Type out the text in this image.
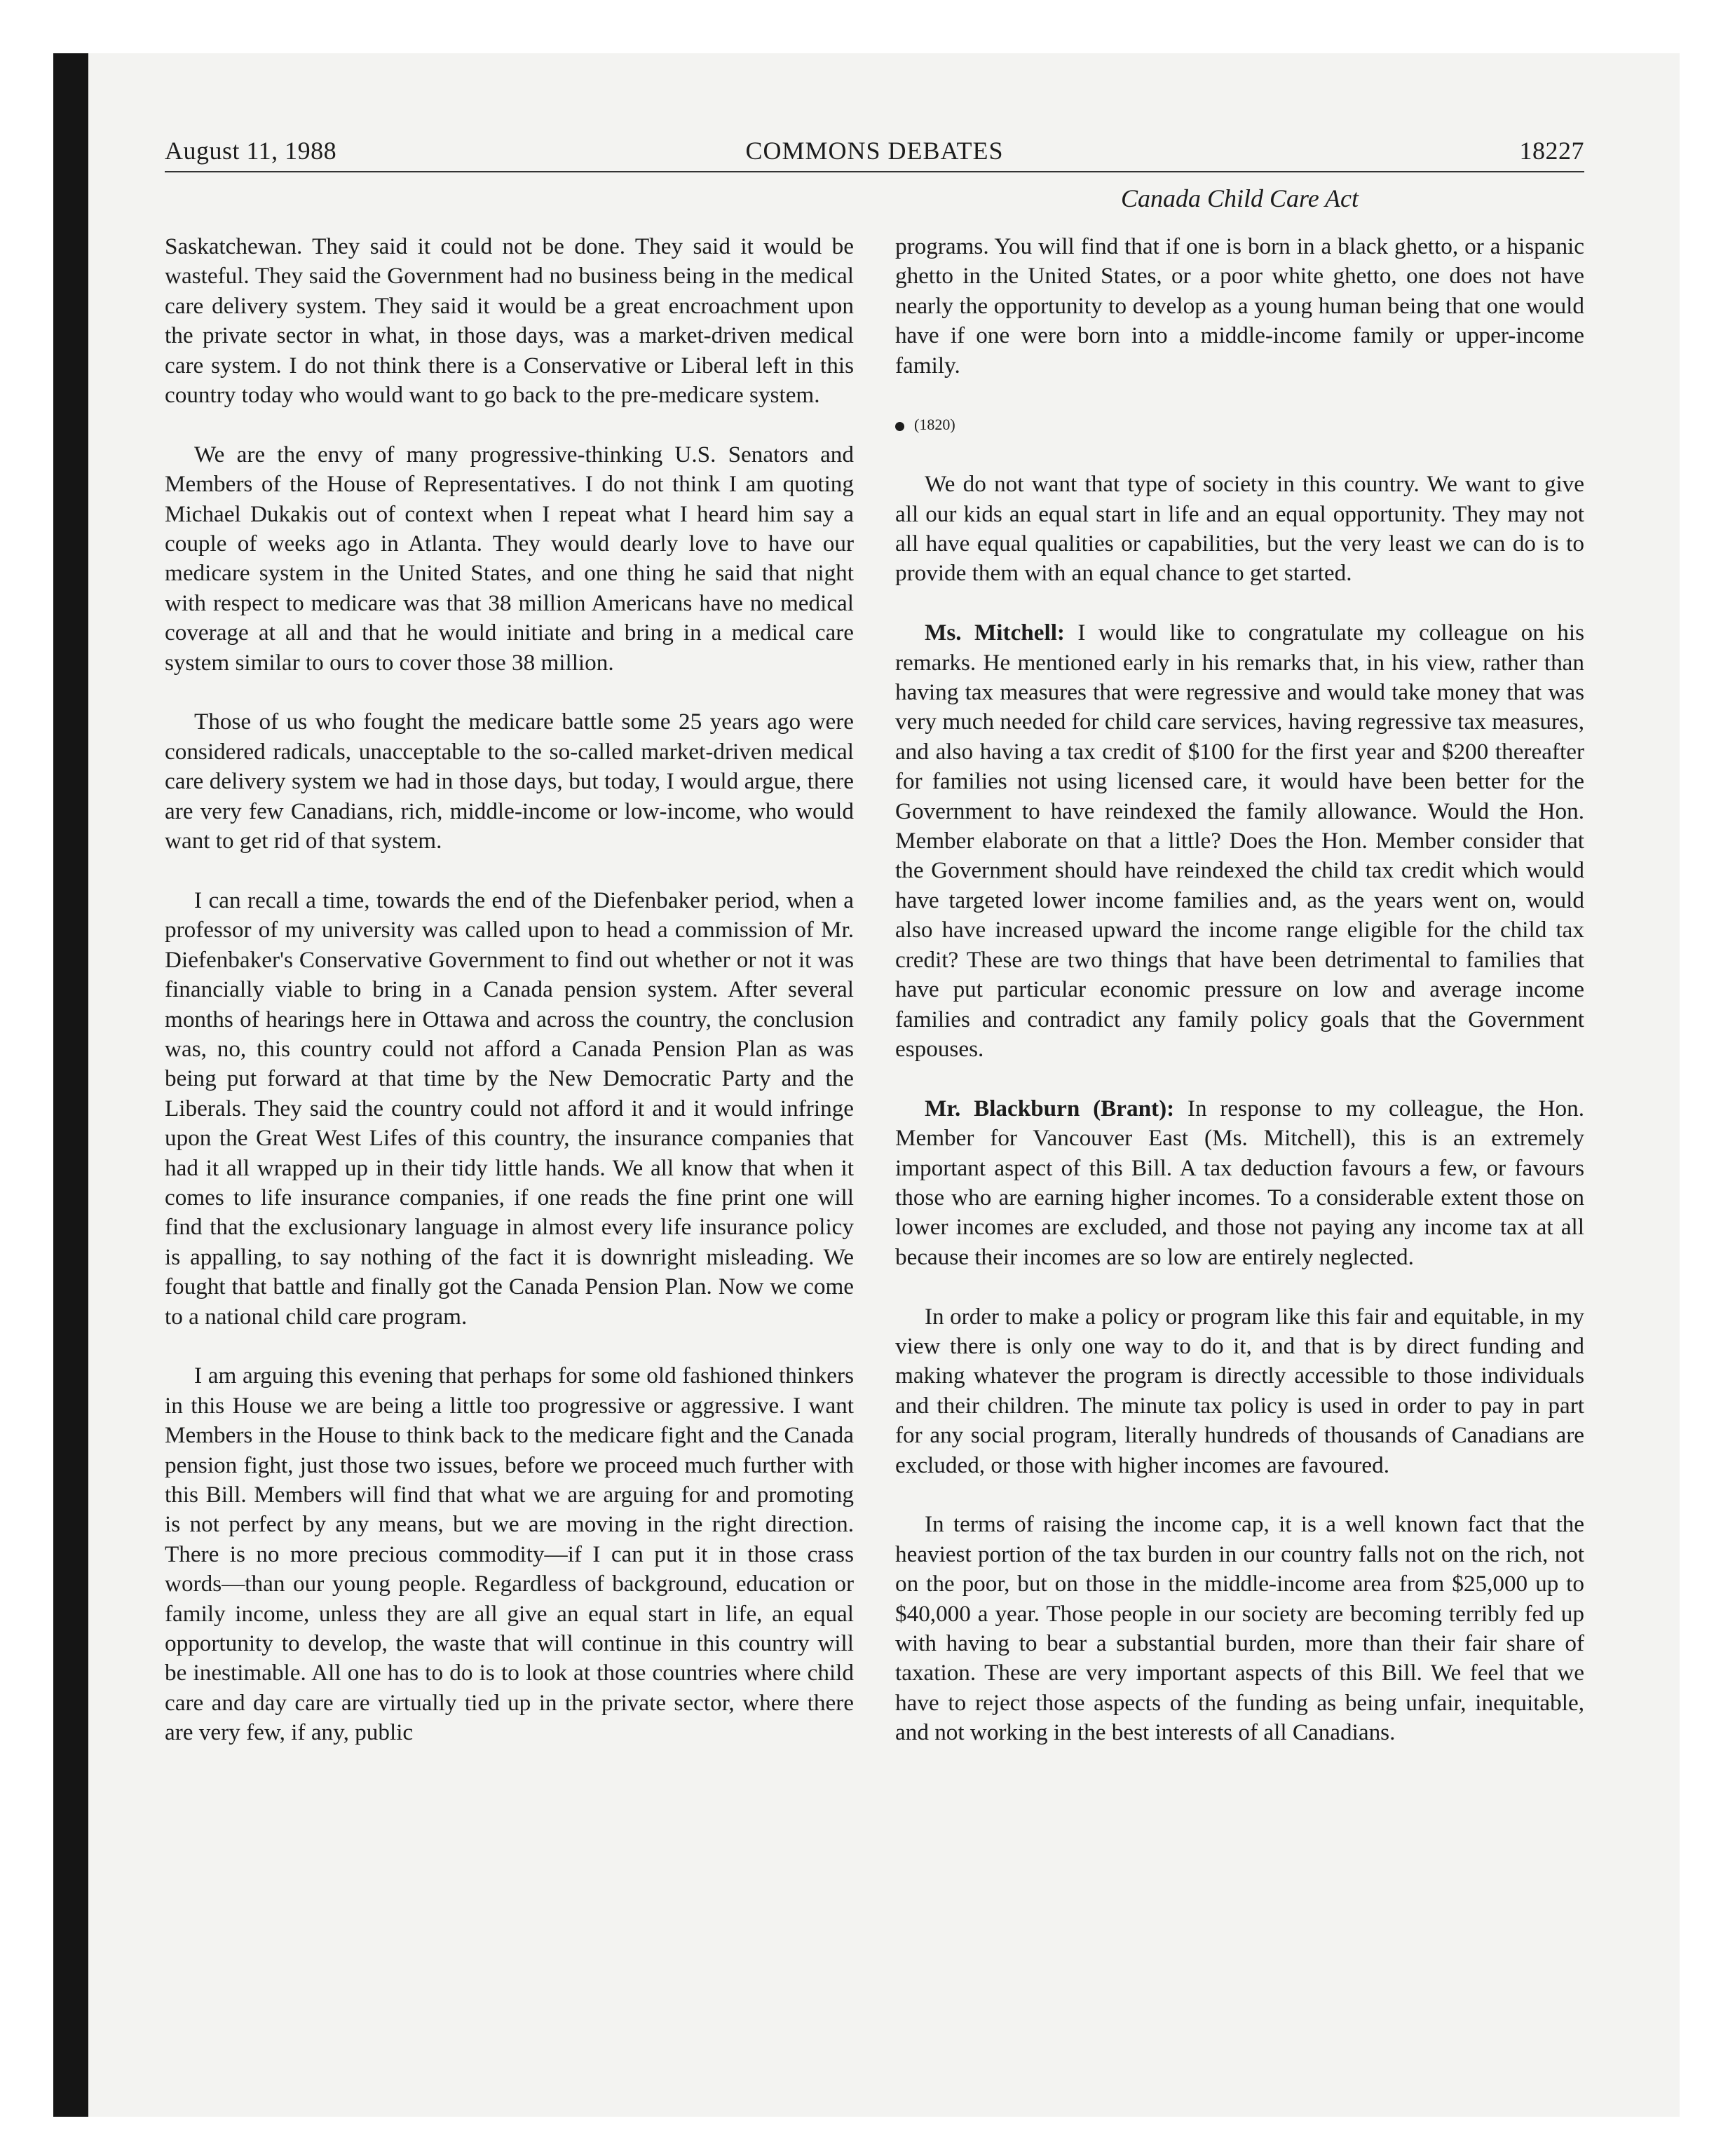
August 11, 1988	COMMONS DEBATES	18227
Canada Child Care Act

Saskatchewan. They said it could not be done. They said it would be wasteful. They said the Government had no business being in the medical care delivery system. They said it would be a great encroachment upon the private sector in what, in those days, was a market-driven medical care system. I do not think there is a Conservative or Liberal left in this country today who would want to go back to the pre-medicare system.

We are the envy of many progressive-thinking U.S. Senators and Members of the House of Representatives. I do not think I am quoting Michael Dukakis out of context when I repeat what I heard him say a couple of weeks ago in Atlanta. They would dearly love to have our medicare system in the United States, and one thing he said that night with respect to medicare was that 38 million Americans have no medical coverage at all and that he would initiate and bring in a medical care system similar to ours to cover those 38 million.

Those of us who fought the medicare battle some 25 years ago were considered radicals, unacceptable to the so-called market-driven medical care delivery system we had in those days, but today, I would argue, there are very few Canadians, rich, middle-income or low-income, who would want to get rid of that system.

I can recall a time, towards the end of the Diefenbaker period, when a professor of my university was called upon to head a commission of Mr. Diefenbaker's Conservative Government to find out whether or not it was financially viable to bring in a Canada pension system. After several months of hearings here in Ottawa and across the country, the conclusion was, no, this country could not afford a Canada Pension Plan as was being put forward at that time by the New Democratic Party and the Liberals. They said the country could not afford it and it would infringe upon the Great West Lifes of this country, the insurance companies that had it all wrapped up in their tidy little hands. We all know that when it comes to life insurance companies, if one reads the fine print one will find that the exclusionary language in almost every life insurance policy is appalling, to say nothing of the fact it is downright misleading. We fought that battle and finally got the Canada Pension Plan. Now we come to a national child care program.

I am arguing this evening that perhaps for some old fashioned thinkers in this House we are being a little too progressive or aggressive. I want Members in the House to think back to the medicare fight and the Canada pension fight, just those two issues, before we proceed much further with this Bill. Members will find that what we are arguing for and promoting is not perfect by any means, but we are moving in the right direction. There is no more precious commodity—if I can put it in those crass words—than our young people. Regardless of background, education or family income, unless they are all give an equal start in life, an equal opportunity to develop, the waste that will continue in this country will be inestimable. All one has to do is to look at those countries where child care and day care are virtually tied up in the private sector, where there are very few, if any, public

programs. You will find that if one is born in a black ghetto, or a hispanic ghetto in the United States, or a poor white ghetto, one does not have nearly the opportunity to develop as a young human being that one would have if one were born into a middle-income family or upper-income family.

(1820)

We do not want that type of society in this country. We want to give all our kids an equal start in life and an equal opportunity. They may not all have equal qualities or capabilities, but the very least we can do is to provide them with an equal chance to get started.

Ms. Mitchell: I would like to congratulate my colleague on his remarks. He mentioned early in his remarks that, in his view, rather than having tax measures that were regressive and would take money that was very much needed for child care services, having regressive tax measures, and also having a tax credit of $100 for the first year and $200 thereafter for families not using licensed care, it would have been better for the Government to have reindexed the family allowance. Would the Hon. Member elaborate on that a little? Does the Hon. Member consider that the Government should have reindexed the child tax credit which would have targeted lower income families and, as the years went on, would also have increased upward the income range eligible for the child tax credit? These are two things that have been detrimental to families that have put particular economic pressure on low and average income families and contradict any family policy goals that the Government espouses.

Mr. Blackburn (Brant): In response to my colleague, the Hon. Member for Vancouver East (Ms. Mitchell), this is an extremely important aspect of this Bill. A tax deduction favours a few, or favours those who are earning higher incomes. To a considerable extent those on lower incomes are excluded, and those not paying any income tax at all because their incomes are so low are entirely neglected.

In order to make a policy or program like this fair and equitable, in my view there is only one way to do it, and that is by direct funding and making whatever the program is directly accessible to those individuals and their children. The minute tax policy is used in order to pay in part for any social program, literally hundreds of thousands of Canadians are excluded, or those with higher incomes are favoured.

In terms of raising the income cap, it is a well known fact that the heaviest portion of the tax burden in our country falls not on the rich, not on the poor, but on those in the middle-income area from $25,000 up to $40,000 a year. Those people in our society are becoming terribly fed up with having to bear a substantial burden, more than their fair share of taxation. These are very important aspects of this Bill. We feel that we have to reject those aspects of the funding as being unfair, inequitable, and not working in the best interests of all Canadians.
